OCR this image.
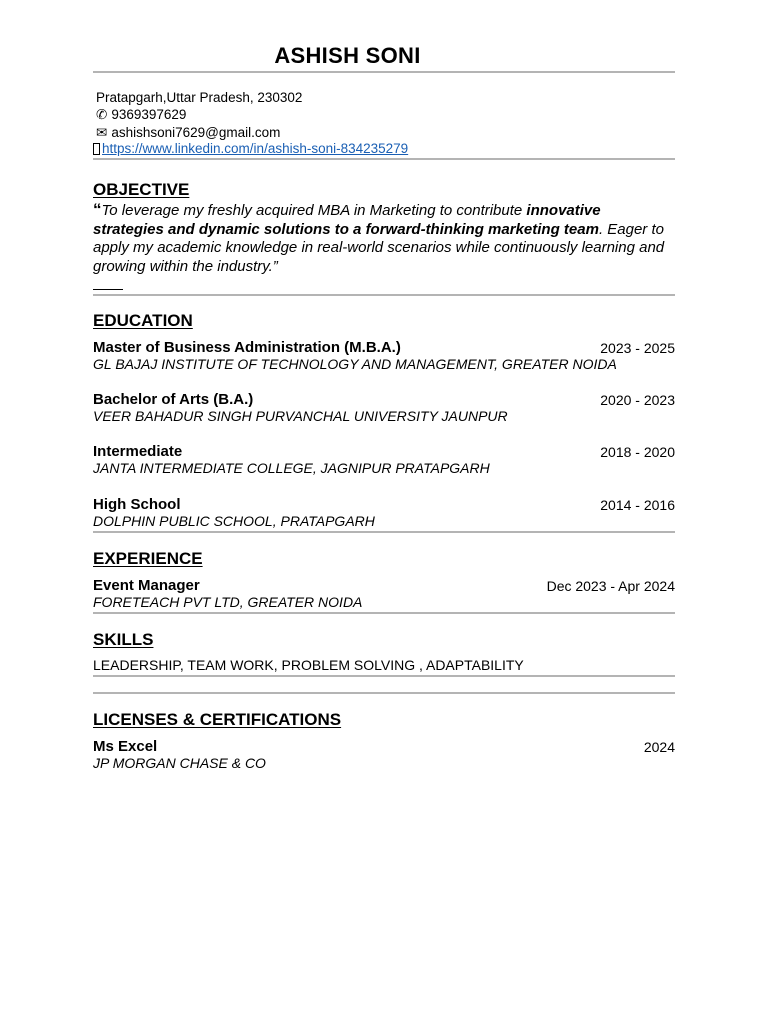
ASHISH SONI
Pratapgarh,Uttar Pradesh, 230302
✆ 9369397629
✉ ashishsoni7629@gmail.com
https://www.linkedin.com/in/ashish-soni-834235279
OBJECTIVE
“To leverage my freshly acquired MBA in Marketing to contribute innovative strategies and dynamic solutions to a forward-thinking marketing team. Eager to apply my academic knowledge in real-world scenarios while continuously learning and growing within the industry.”
EDUCATION
Master of Business Administration (M.B.A.)	2023 - 2025
GL BAJAJ INSTITUTE OF TECHNOLOGY AND MANAGEMENT, GREATER NOIDA
Bachelor of Arts (B.A.)	2020 - 2023
VEER BAHADUR SINGH PURVANCHAL UNIVERSITY JAUNPUR
Intermediate	2018 - 2020
JANTA INTERMEDIATE COLLEGE, JAGNIPUR PRATAPGARH
High School	2014 - 2016
DOLPHIN PUBLIC SCHOOL, PRATAPGARH
EXPERIENCE
Event Manager	Dec 2023 - Apr 2024
FORETEACH PVT LTD, GREATER NOIDA
SKILLS
LEADERSHIP, TEAM WORK, PROBLEM SOLVING , ADAPTABILITY
LICENSES & CERTIFICATIONS
Ms Excel	2024
JP MORGAN CHASE & CO
